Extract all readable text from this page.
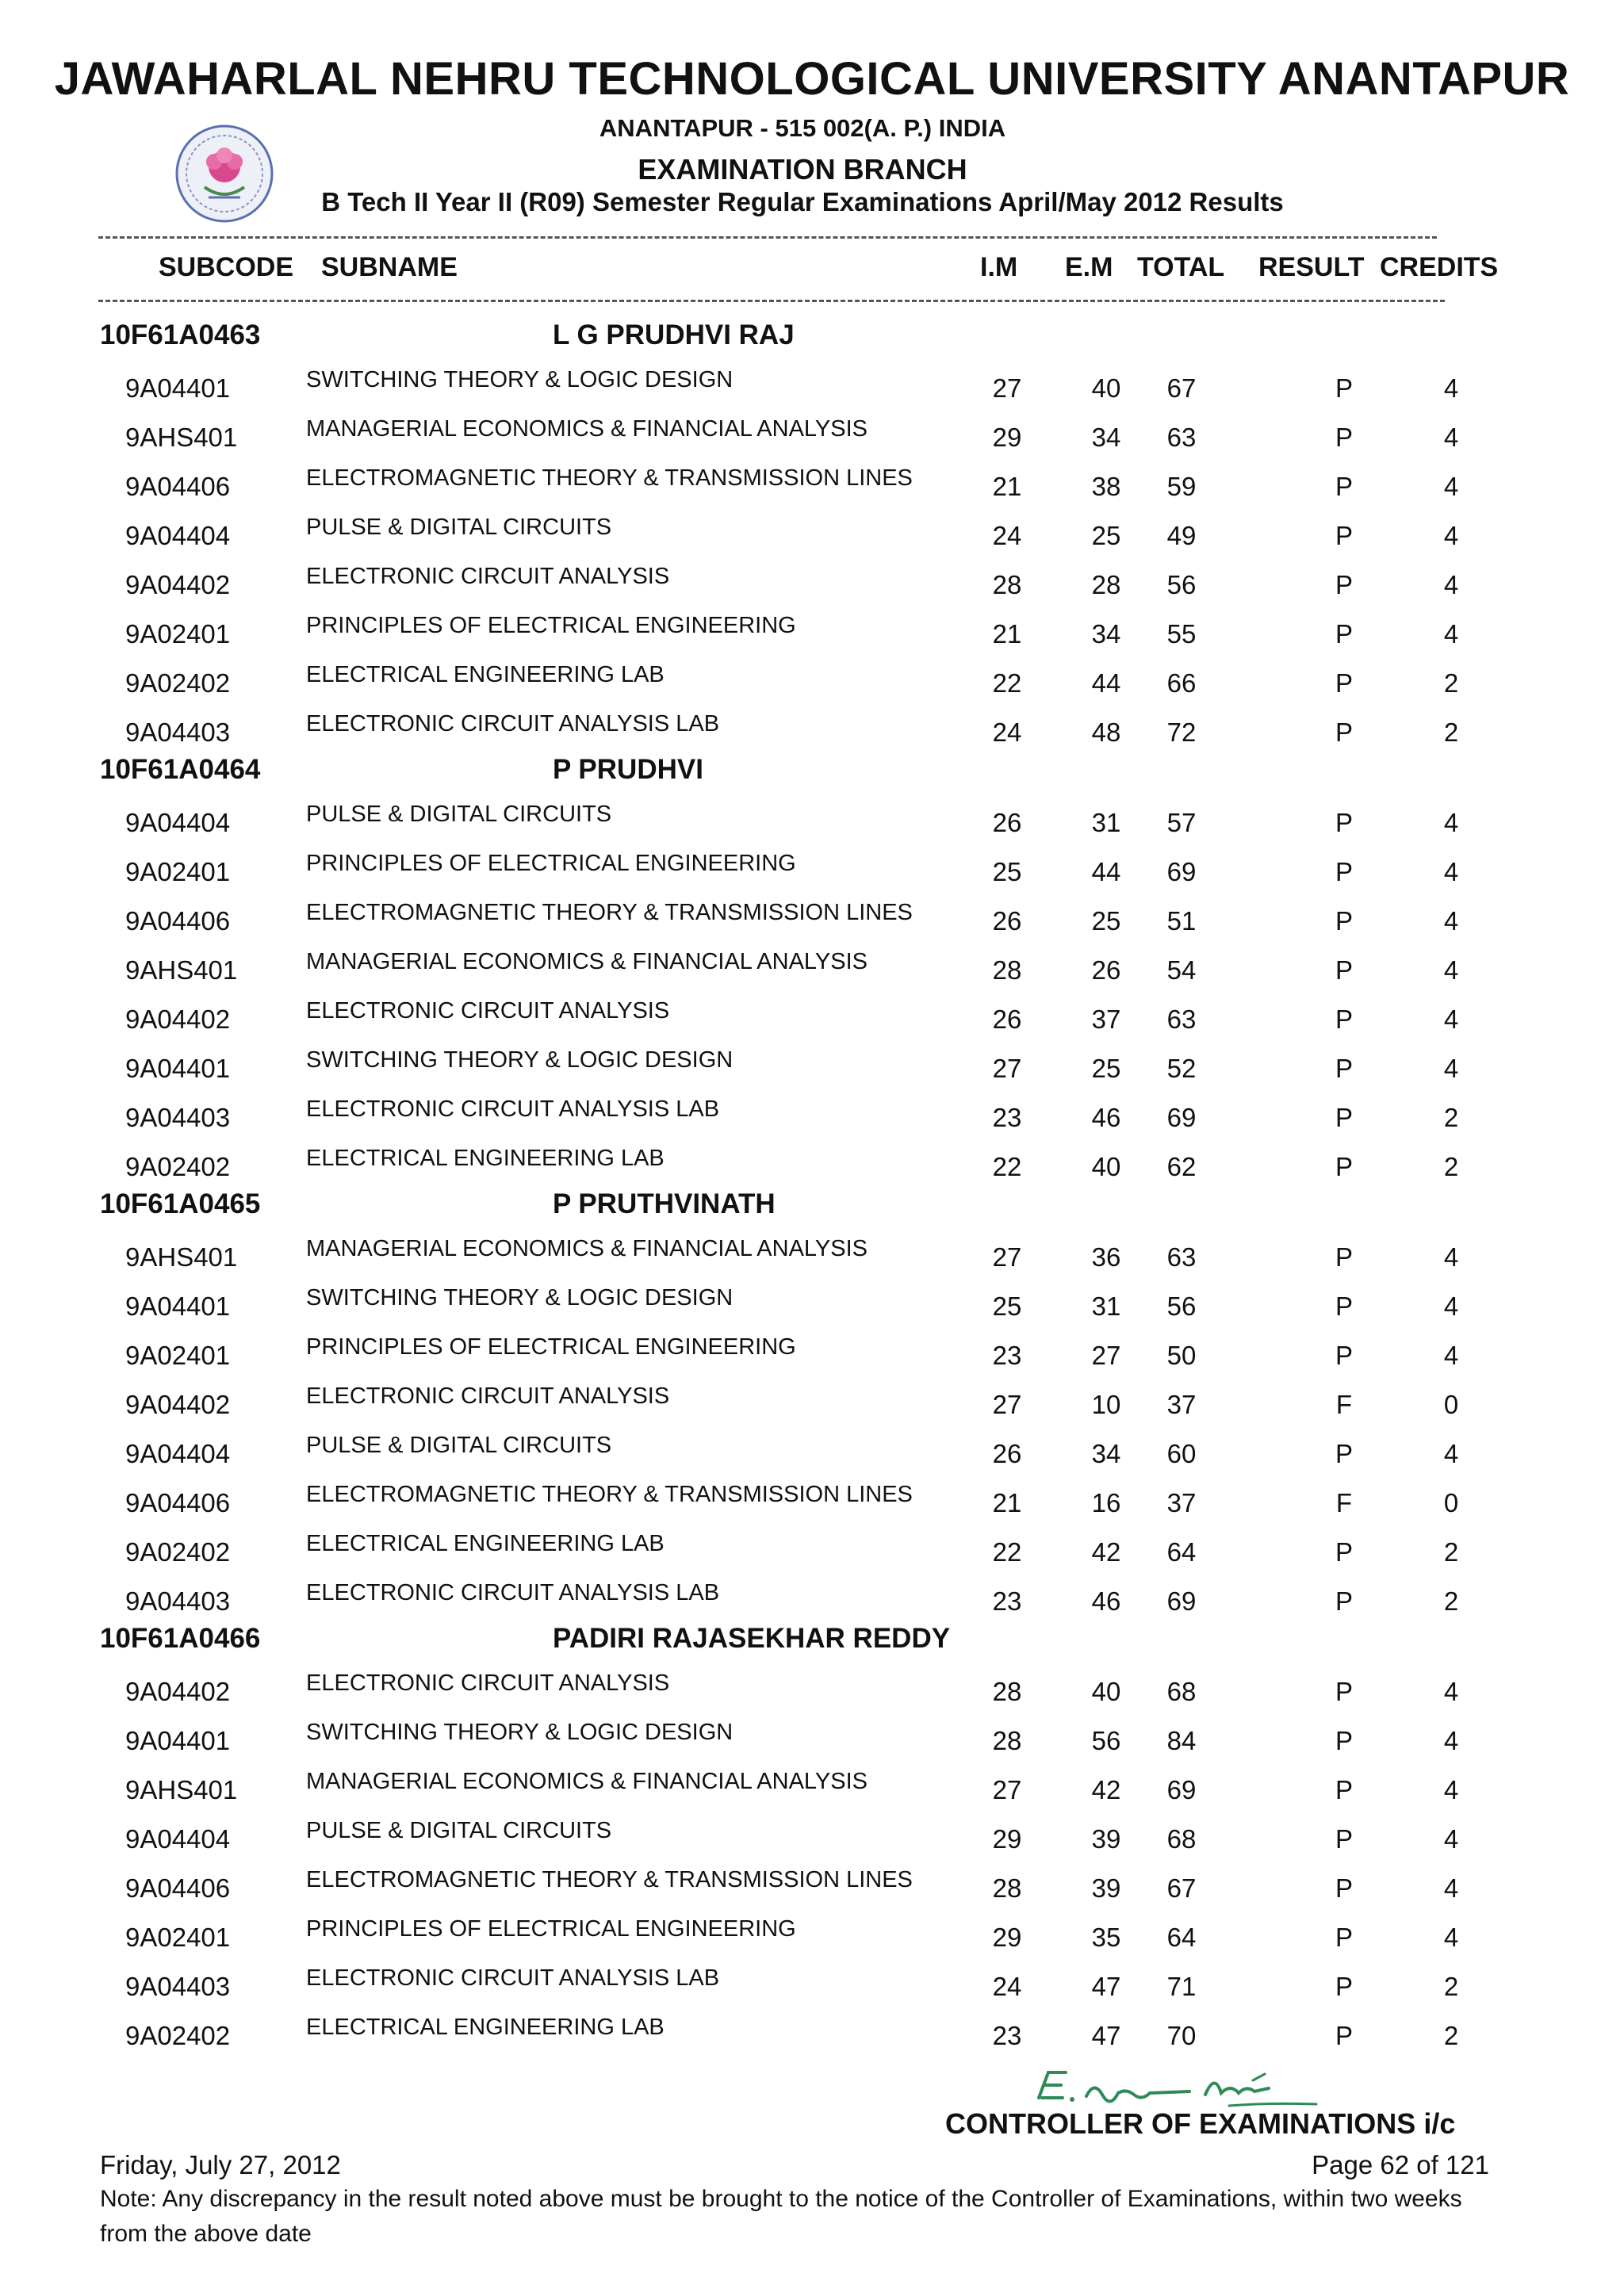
JAWAHARLAL NEHRU TECHNOLOGICAL UNIVERSITY ANANTAPUR
ANANTAPUR - 515 002(A. P.) INDIA
EXAMINATION BRANCH
B Tech II Year II (R09) Semester Regular Examinations April/May 2012 Results
SUBCODE SUBNAME	I.M E.M TOTAL RESULT CREDITS
10F61A0463	L G PRUDHVI RAJ
9A04401	SWITCHING THEORY & LOGIC DESIGN	27	40	67	P	4
9AHS401	MANAGERIAL ECONOMICS & FINANCIAL ANALYSIS	29	34	63	P	4
9A04406	ELECTROMAGNETIC THEORY & TRANSMISSION LINES	21	38	59	P	4
9A04404	PULSE & DIGITAL CIRCUITS	24	25	49	P	4
9A04402	ELECTRONIC CIRCUIT ANALYSIS	28	28	56	P	4
9A02401	PRINCIPLES OF ELECTRICAL ENGINEERING	21	34	55	P	4
9A02402	ELECTRICAL ENGINEERING LAB	22	44	66	P	2
9A04403	ELECTRONIC CIRCUIT ANALYSIS LAB	24	48	72	P	2
10F61A0464	P PRUDHVI
9A04404	PULSE & DIGITAL CIRCUITS	26	31	57	P	4
9A02401	PRINCIPLES OF ELECTRICAL ENGINEERING	25	44	69	P	4
9A04406	ELECTROMAGNETIC THEORY & TRANSMISSION LINES	26	25	51	P	4
9AHS401	MANAGERIAL ECONOMICS & FINANCIAL ANALYSIS	28	26	54	P	4
9A04402	ELECTRONIC CIRCUIT ANALYSIS	26	37	63	P	4
9A04401	SWITCHING THEORY & LOGIC DESIGN	27	25	52	P	4
9A04403	ELECTRONIC CIRCUIT ANALYSIS LAB	23	46	69	P	2
9A02402	ELECTRICAL ENGINEERING LAB	22	40	62	P	2
10F61A0465	P PRUTHVINATH
9AHS401	MANAGERIAL ECONOMICS & FINANCIAL ANALYSIS	27	36	63	P	4
9A04401	SWITCHING THEORY & LOGIC DESIGN	25	31	56	P	4
9A02401	PRINCIPLES OF ELECTRICAL ENGINEERING	23	27	50	P	4
9A04402	ELECTRONIC CIRCUIT ANALYSIS	27	10	37	F	0
9A04404	PULSE & DIGITAL CIRCUITS	26	34	60	P	4
9A04406	ELECTROMAGNETIC THEORY & TRANSMISSION LINES	21	16	37	F	0
9A02402	ELECTRICAL ENGINEERING LAB	22	42	64	P	2
9A04403	ELECTRONIC CIRCUIT ANALYSIS LAB	23	46	69	P	2
10F61A0466	PADIRI RAJASEKHAR REDDY
9A04402	ELECTRONIC CIRCUIT ANALYSIS	28	40	68	P	4
9A04401	SWITCHING THEORY & LOGIC DESIGN	28	56	84	P	4
9AHS401	MANAGERIAL ECONOMICS & FINANCIAL ANALYSIS	27	42	69	P	4
9A04404	PULSE & DIGITAL CIRCUITS	29	39	68	P	4
9A04406	ELECTROMAGNETIC THEORY & TRANSMISSION LINES	28	39	67	P	4
9A02401	PRINCIPLES OF ELECTRICAL ENGINEERING	29	35	64	P	4
9A04403	ELECTRONIC CIRCUIT ANALYSIS LAB	24	47	71	P	2
9A02402	ELECTRICAL ENGINEERING LAB	23	47	70	P	2
CONTROLLER OF EXAMINATIONS i/c
Friday, July 27, 2012	Page 62 of 121
Note: Any discrepancy in the result noted above must be brought to the notice of the Controller of Examinations, within two weeks from the above date
